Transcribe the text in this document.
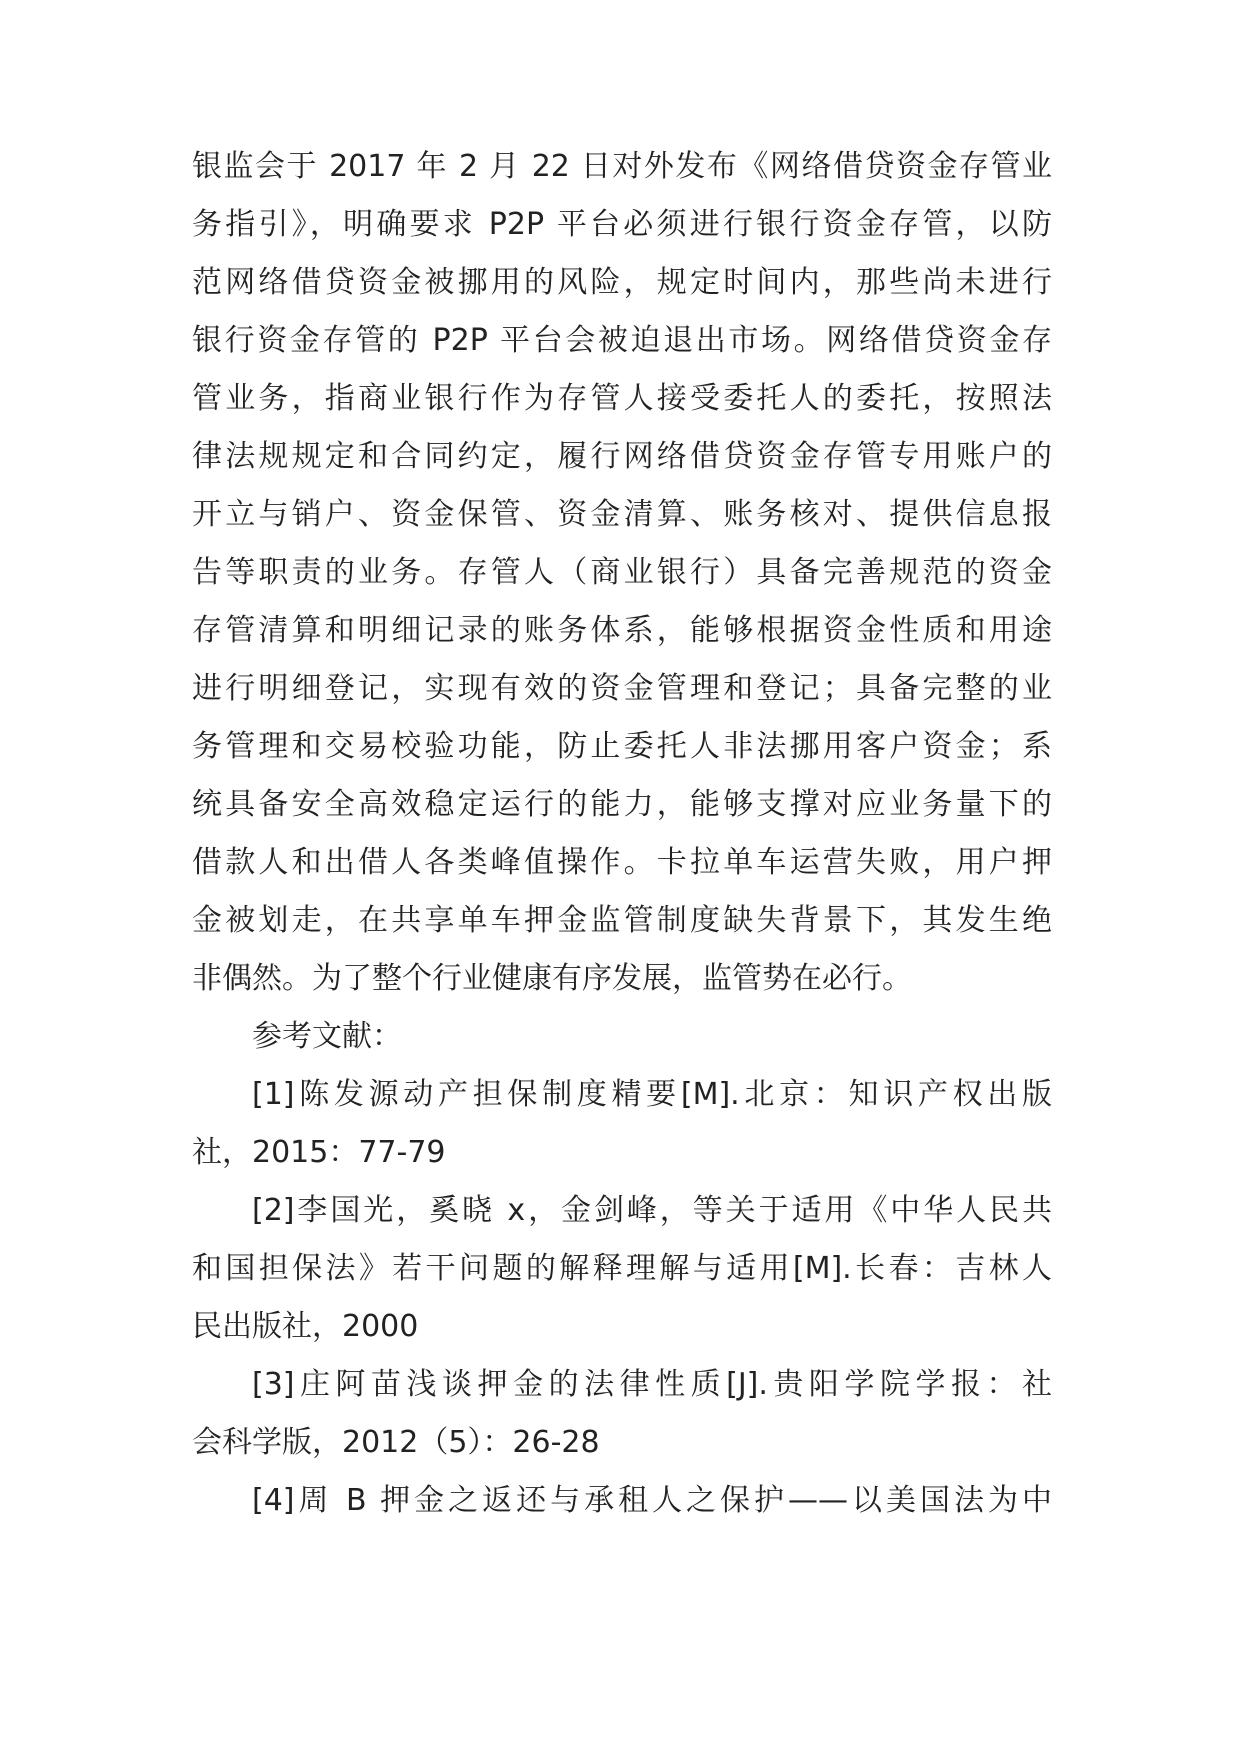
银监会于 2017 年 2 月 22 日对外发布《网络借贷资金存管业
务指引》，明确要求 P2P 平台必须进行银行资金存管，以防
范网络借贷资金被挪用的风险，规定时间内，那些尚未进行
银行资金存管的 P2P 平台会被迫退出市场。网络借贷资金存
管业务，指商业银行作为存管人接受委托人的委托，按照法
律法规规定和合同约定，履行网络借贷资金存管专用账户的
开立与销户、资金保管、资金清算、账务核对、提供信息报
告等职责的业务。存管人（商业银行）具备完善规范的资金
存管清算和明细记录的账务体系，能够根据资金性质和用途
进行明细登记，实现有效的资金管理和登记；具备完整的业
务管理和交易校验功能，防止委托人非法挪用客户资金；系
统具备安全高效稳定运行的能力，能够支撑对应业务量下的
借款人和出借人各类峰值操作。卡拉单车运营失败，用户押
金被划走，在共享单车押金监管制度缺失背景下，其发生绝
非偶然。为了整个行业健康有序发展，监管势在必行。
参考文献：
[1]陈发源动产担保制度精要[M].北京：知识产权出版
社，2015：77-79
[2]李国光，奚晓 x，金剑峰，等关于适用《中华人民共
和国担保法》若干问题的解释理解与适用[M].长春：吉林人
民出版社，2000
[3]庄阿苗浅谈押金的法律性质[J].贵阳学院学报：社
会科学版，2012（5）：26-28
[4]周 B 押金之返还与承租人之保护——以美国法为中
